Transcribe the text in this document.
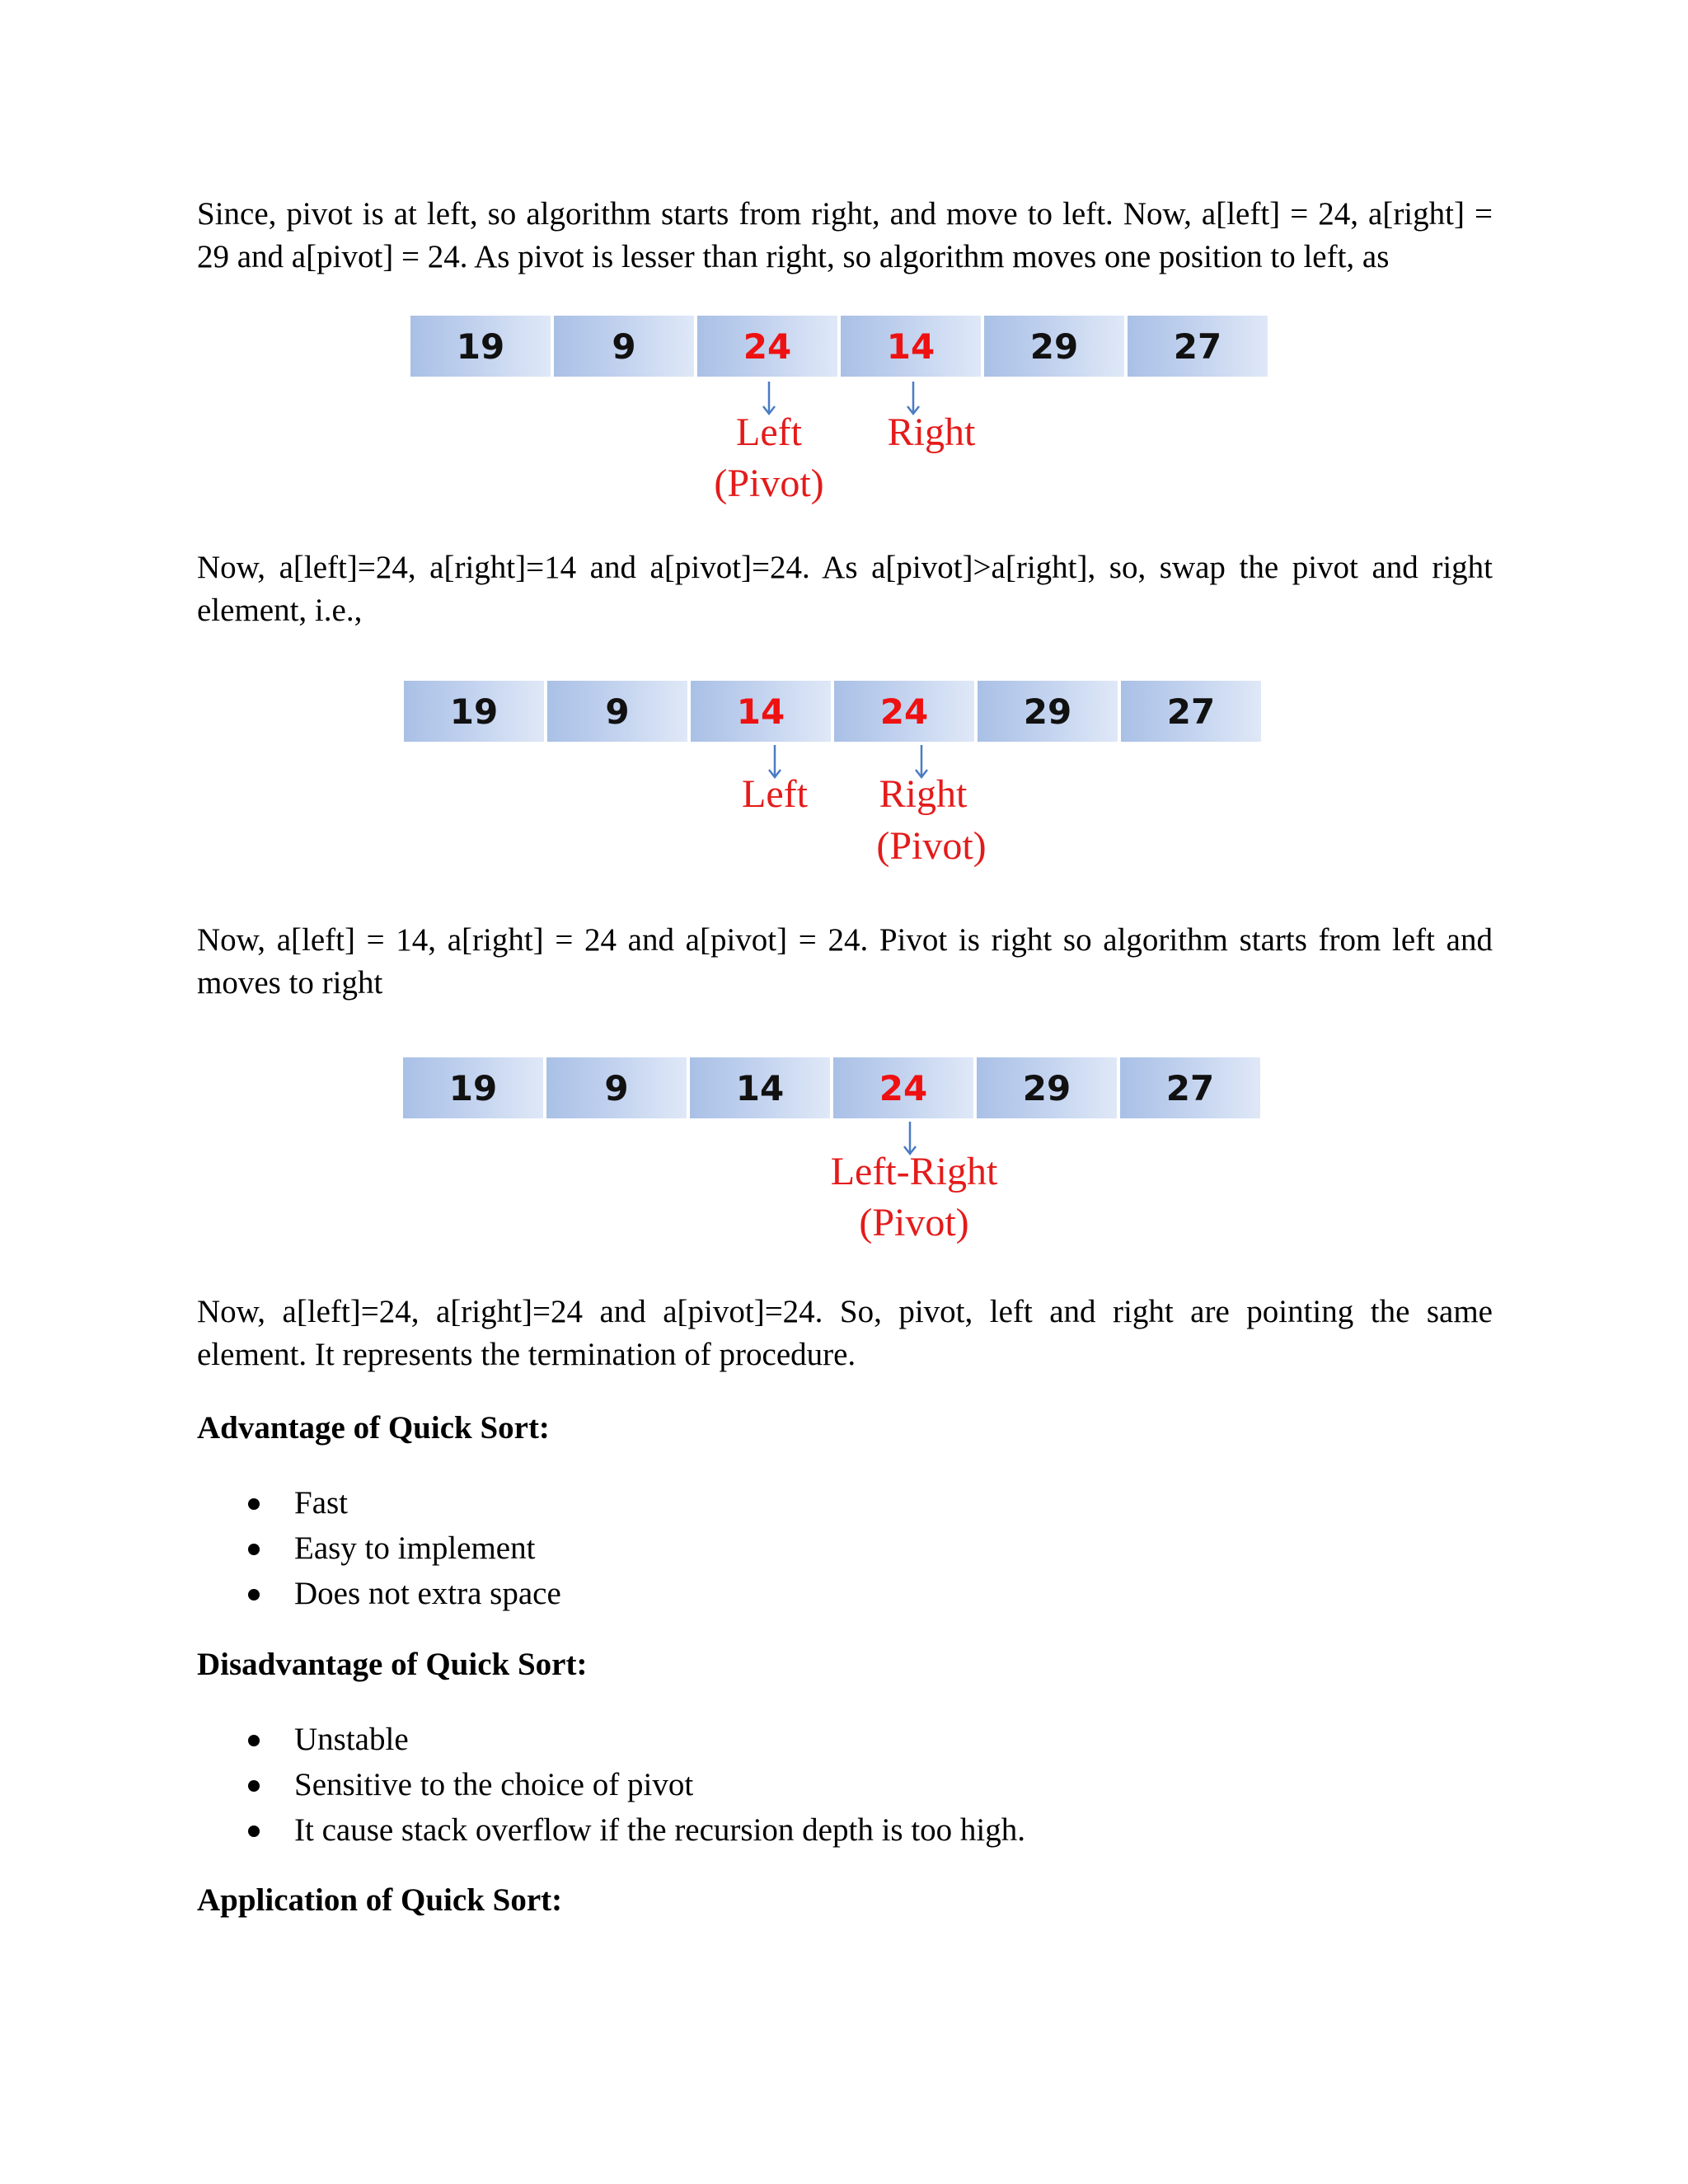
Since, pivot is at left, so algorithm starts from right, and move to left. Now, a[left] = 24, a[right] = 29 and a[pivot] = 24. As pivot is lesser than right, so algorithm moves one position to left, as

19	9	24	14	29	27
Left
(Pivot)
Right

Now, a[left]=24, a[right]=14 and a[pivot]=24. As a[pivot]>a[right], so, swap the pivot and right element, i.e.,

19	9	14	24	29	27
Left	Right
(Pivot)

Now, a[left] = 14, a[right] = 24 and a[pivot] = 24. Pivot is right so algorithm starts from left and moves to right

19	9	14	24	29	27
Left-Right
(Pivot)

Now, a[left]=24, a[right]=24 and a[pivot]=24. So, pivot, left and right are pointing the same element. It represents the termination of procedure.

Advantage of Quick Sort:
Fast
Easy to implement
Does not extra space
Disadvantage of Quick Sort:
Unstable
Sensitive to the choice of pivot
It cause stack overflow if the recursion depth is too high.
Application of Quick Sort:
